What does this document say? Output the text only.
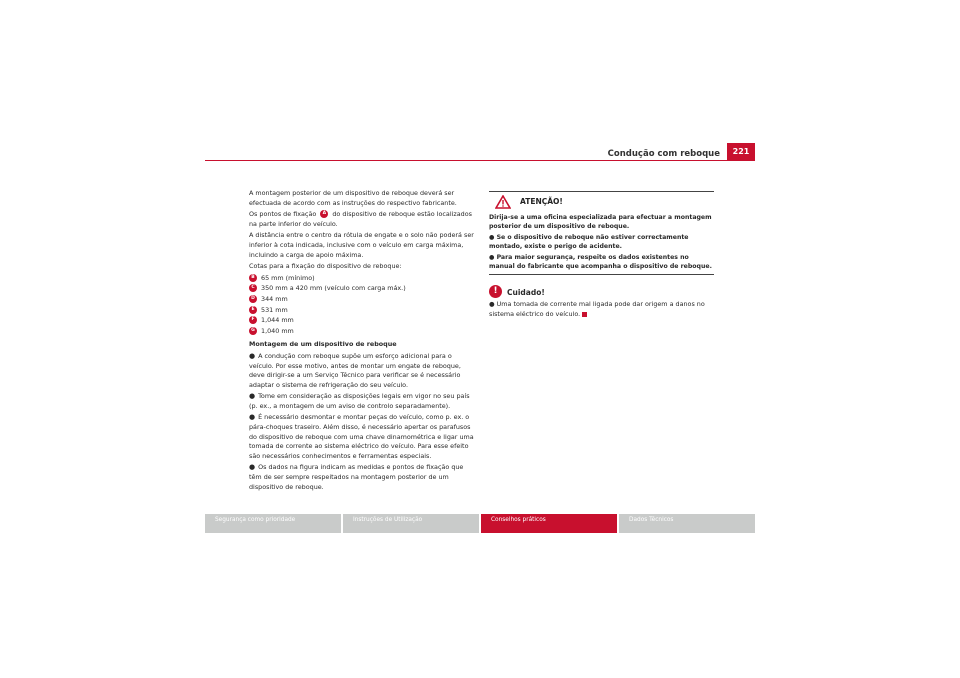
Condução com reboque	221

A montagem posterior de um dispositivo de reboque deverá ser efectuada de acordo com as instruções do respectivo fabricante.

Os pontos de fixação A do dispositivo de reboque estão localizados na parte inferior do veículo.

A distância entre o centro da rótula de engate e o solo não poderá ser inferior à cota indicada, inclusive com o veículo em carga máxima, incluindo a carga de apoio máxima.

Cotas para a fixação do dispositivo de reboque:

B 65 mm (mínimo)
C 350 mm a 420 mm (veículo com carga máx.)
D 344 mm
E 531 mm
F 1,044 mm
G 1,040 mm

Montagem de um dispositivo de reboque

● A condução com reboque supõe um esforço adicional para o veículo. Por esse motivo, antes de montar um engate de reboque, deve dirigir-se a um Serviço Técnico para verificar se é necessário adaptar o sistema de refrigeração do seu veículo.

● Tome em consideração as disposições legais em vigor no seu país (p. ex., a montagem de um aviso de controlo separadamente).

● É necessário desmontar e montar peças do veículo, como p. ex. o pára-choques traseiro. Além disso, é necessário apertar os parafusos do dispositivo de reboque com uma chave dinamométrica e ligar uma tomada de corrente ao sistema eléctrico do veículo. Para esse efeito são necessários conhecimentos e ferramentas especiais.

● Os dados na figura indicam as medidas e pontos de fixação que têm de ser sempre respeitados na montagem posterior de um dispositivo de reboque.

ATENÇÃO!

Dirija-se a uma oficina especializada para efectuar a montagem posterior de um dispositivo de reboque.

● Se o dispositivo de reboque não estiver correctamente montado, existe o perigo de acidente.

● Para maior segurança, respeite os dados existentes no manual do fabricante que acompanha o dispositivo de reboque.

!	Cuidado!

● Uma tomada de corrente mal ligada pode dar origem a danos no sistema eléctrico do veículo.

Segurança como prioridade	Instruções de Utilização	Conselhos práticos	Dados Técnicos
